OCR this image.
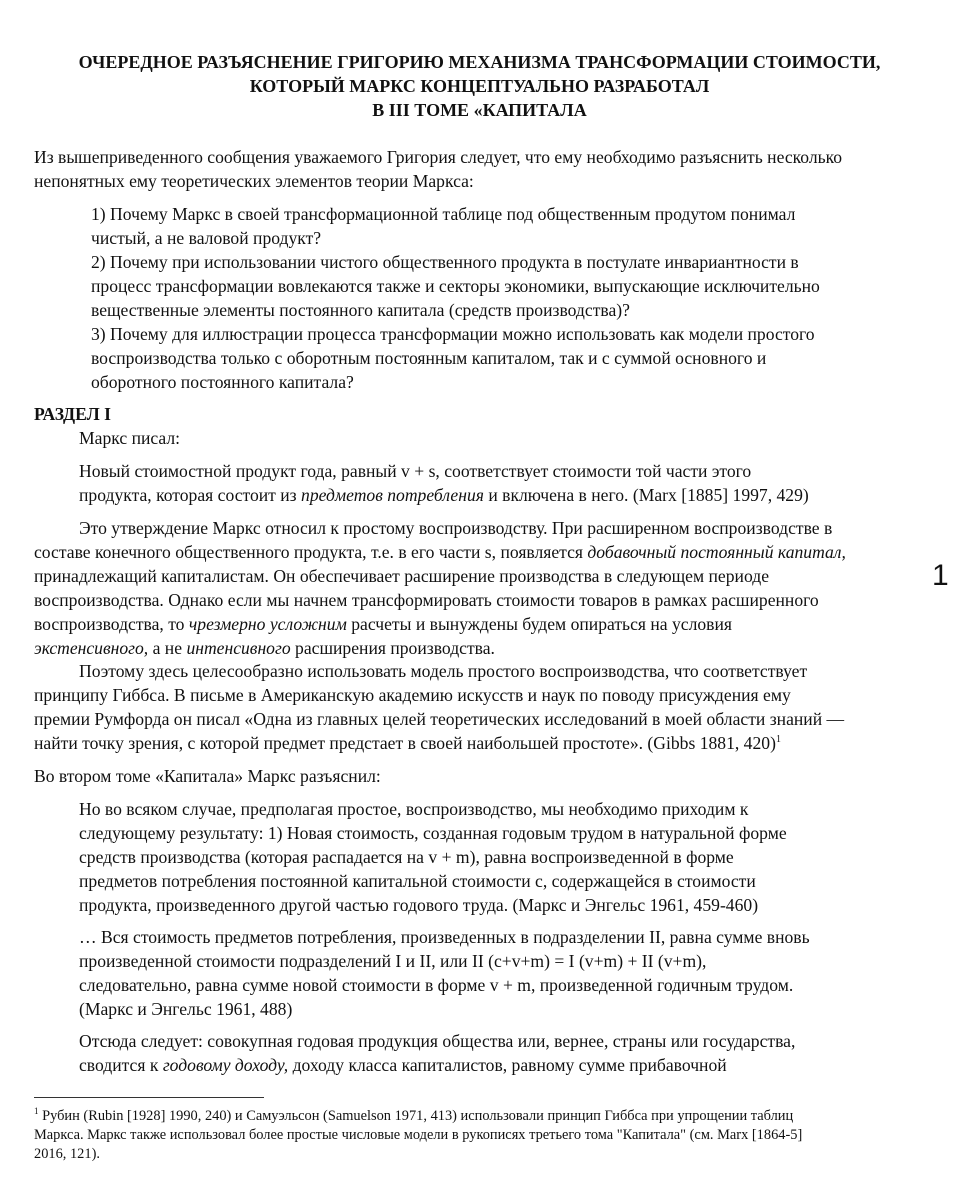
ОЧЕРЕДНОЕ РАЗЪЯСНЕНИЕ ГРИГОРИЮ МЕХАНИЗМА ТРАНСФОРМАЦИИ СТОИМОСТИ,
КОТОРЫЙ МАРКС КОНЦЕПТУАЛЬНО РАЗРАБОТАЛ
В III ТОМЕ «КАПИТАЛА
Из вышеприведенного сообщения уважаемого Григория следует, что ему необходимо разъяснить несколько
непонятных ему теоретических элементов теории Маркса:
1) Почему Маркс в своей трансформационной таблице под общественным продутом понимал
чистый, а не валовой продукт?
2) Почему при использовании чистого общественного продукта в постулате инвариантности в
процесс трансформации вовлекаются также и секторы экономики, выпускающие исключительно
вещественные элементы постоянного капитала (средств производства)?
3) Почему для иллюстрации процесса трансформации можно использовать как модели простого
воспроизводства только с оборотным постоянным капиталом, так и с суммой основного и
оборотного постоянного капитала?
РАЗДЕЛ I
Маркс писал:
Новый стоимостной продукт года, равный v + s, соответствует стоимости той части этого
продукта, которая состоит из предметов потребления и включена в него. (Marx [1885] 1997, 429)
Это утверждение Маркс относил к простому воспроизводству. При расширенном воспроизводстве в
составе конечного общественного продукта, т.е. в его части s, появляется добавочный постоянный капитал,
принадлежащий капиталистам. Он обеспечивает расширение производства в следующем периоде
воспроизводства. Однако если мы начнем трансформировать стоимости товаров в рамках расширенного
воспроизводства, то чрезмерно усложним расчеты и вынуждены будем опираться на условия
экстенсивного, а не интенсивного расширения производства.
Поэтому здесь целесообразно использовать модель простого воспроизводства, что соответствует
принципу Гиббса. В письме в Американскую академию искусств и наук по поводу присуждения ему
премии Румфорда он писал «Одна из главных целей теоретических исследований в моей области знаний —
найти точку зрения, с которой предмет предстает в своей наибольшей простоте». (Gibbs 1881, 420)$^1$
Во втором томе «Капитала» Маркс разъяснил:
Но во всяком случае, предполагая простое, воспроизводство, мы необходимо приходим к
следующему результату: 1) Новая стоимость, созданная годовым трудом в натуральной форме
средств производства (которая распадается на v + m), равна воспроизведенной в форме
предметов потребления постоянной капитальной стоимости с, содержащейся в стоимости
продукта, произведенного другой частью годового труда. (Маркс и Энгельс 1961, 459-460)
… Вся стоимость предметов потребления, произведенных в подразделении II, равна сумме вновь
произведенной стоимости подразделений I и II, или II (c+v+m) = I (v+m) + II (v+m),
следовательно, равна сумме новой стоимости в форме v + m, произведенной годичным трудом.
(Маркс и Энгельс 1961, 488)
Отсюда следует: совокупная годовая продукция общества или, вернее, страны или государства,
сводится к годовому доходу, доходу класса капиталистов, равному сумме прибавочной
1
$^1$ Рубин (Rubin [1928] 1990, 240) и Самуэльсон (Samuelson 1971, 413) использовали принцип Гиббса при упрощении таблиц
Маркса. Маркс также использовал более простые числовые модели в рукописях третьего тома "Капитала" (см. Marx [1864-5]
2016, 121).
